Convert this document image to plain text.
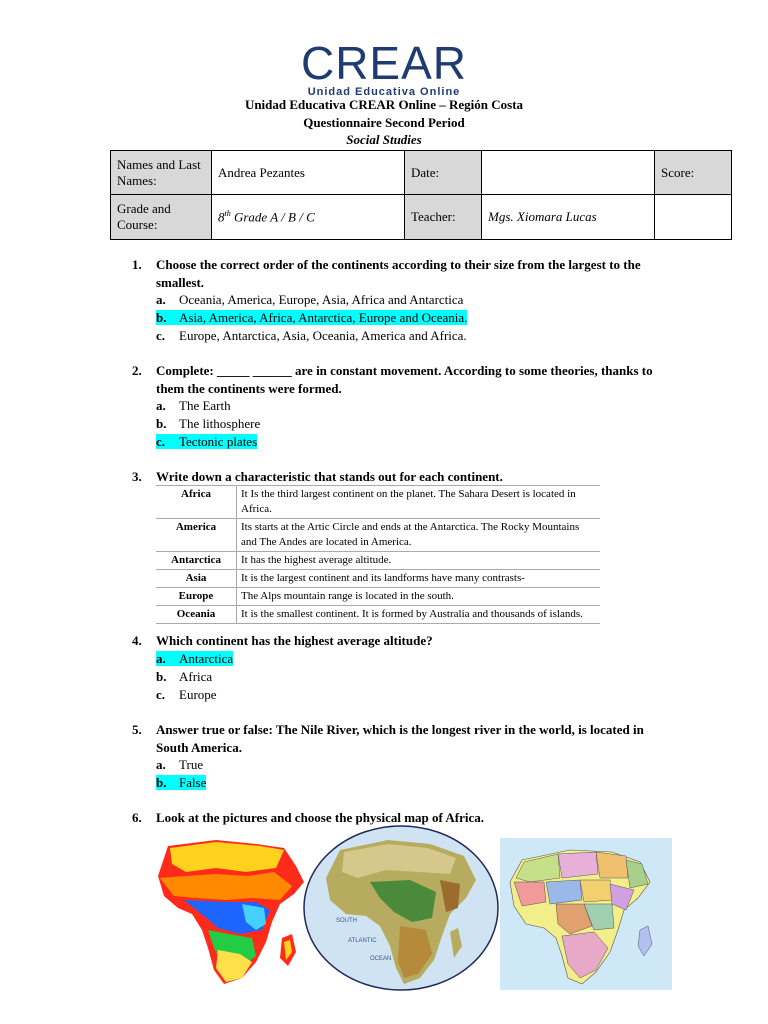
CREAR
Unidad Educativa Online
Unidad Educativa CREAR Online – Región Costa
Questionnaire Second Period
Social Studies
Names and Last Names:	Andrea Pezantes	Date:		Score:

Grade and Course:	8th Grade A / B / C	Teacher:	Mgs. Xiomara Lucas	
1. Choose the correct order of the continents according to their size from the largest to the smallest.
a. Oceania, America, Europe, Asia, Africa and Antarctica
b. Asia, America, Africa, Antarctica, Europe and Oceania.
c. Europe, Antarctica, Asia, Oceania, America and Africa.
2. Complete: _____ ______ are in constant movement. According to some theories, thanks to them the continents were formed.
a. The Earth
b. The lithosphere
c. Tectonic plates
3. Write down a characteristic that stands out for each continent.
Africa	It Is the third largest continent on the planet. The Sahara Desert is located in Africa.
America	Its starts at the Artic Circle and ends at the Antarctica. The Rocky Mountains and The Andes are located in America.
Antarctica	It has the highest average altitude.
Asia	It is the largest continent and its landforms have many contrasts-
Europe	The Alps mountain range is located in the south.
Oceania	It is the smallest continent. It is formed by Australia and thousands of islands.
4. Which continent has the highest average altitude?
a. Antarctica
b. Africa
c. Europe
5. Answer true or false: The Nile River, which is the longest river in the world, is located in South America.
a. True
b. False
6. Look at the pictures and choose the physical map of Africa.
SOUTH
ATLANTIC
OCEAN
